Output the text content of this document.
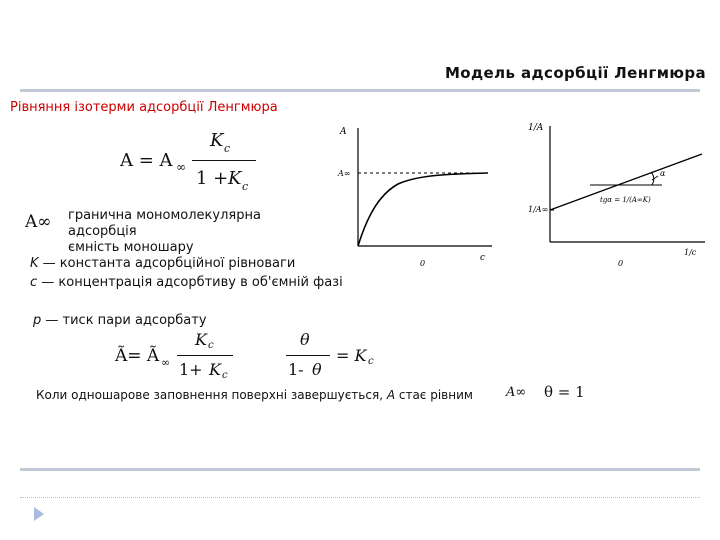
Модель адсорбції Ленгмюра
Рівняння ізотерми адсорбції Ленгмюра
A = A ∞
K c
1 + K c
A∞ гранична мономолекулярна адсорбція
ємність моношару
K — константа адсорбційної рівноваги
c — концентрація адсорбтиву в об'ємній фазі
p — тиск пари адсорбату
Ã= Ã ∞
K c
1+ K c
θ
1- θ
= K c
Коли одношарове заповнення поверхні завершується, A стає рівним	A∞ θ = 1
A
A∞
0
c
1/A
1/A∞
α
tgα = 1/(A∞K)
0
1/c
